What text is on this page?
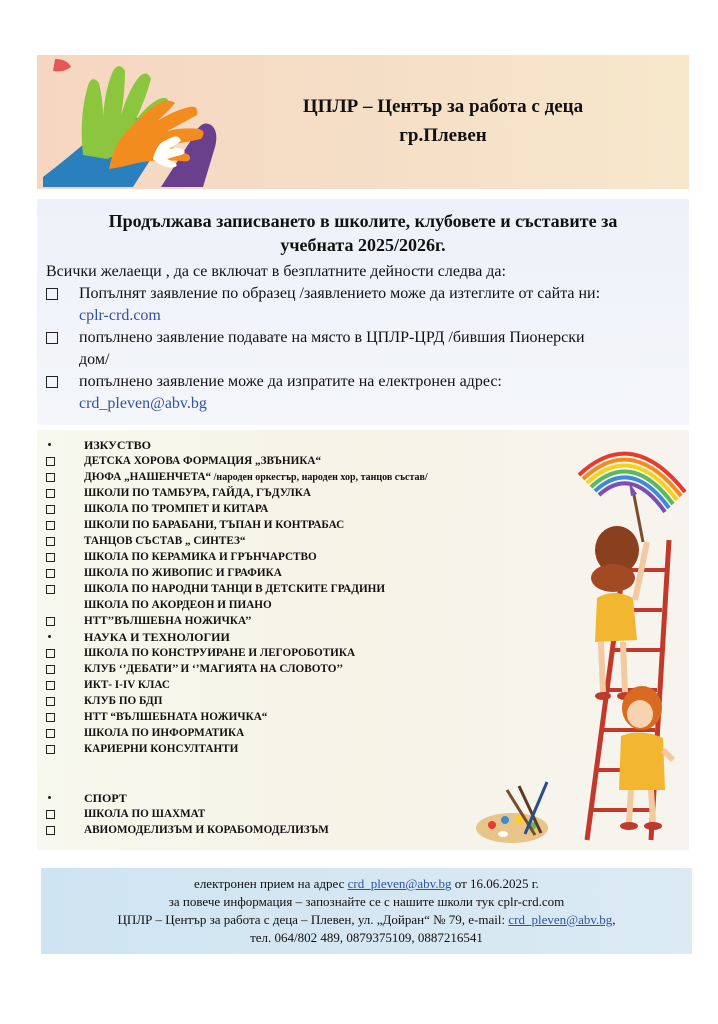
ЦПЛР – Център за работа с деца
гр.Плевен
Продължава записването в школите, клубовете и съставите за
учебната 2025/2026г.
Всички желаещи , да се включат в безплатните дейности следва да:
Попълнят заявление по образец /заявлението може да изтеглите от сайта ни:
cplr-crd.com
попълнено заявление подавате на място в ЦПЛР-ЦРД /бившия Пионерски
дом/
попълнено заявление може да изпратите на електронен адрес:
crd_pleven@abv.bg
ИЗКУСТВО
ДЕТСКА ХОРОВА ФОРМАЦИЯ „ЗВЪНИКА“
ДЮФА „НАШЕНЧЕТА“ /народен оркестър, народен хор, танцов състав/
ШКОЛИ ПО ТАМБУРА, ГАЙДА, ГЪДУЛКА
ШКОЛА ПО ТРОМПЕТ И КИТАРА
ШКОЛИ ПО БАРАБАНИ, ТЪПАН И КОНТРАБАС
ТАНЦОВ СЪСТАВ „ СИНТЕЗ“
ШКОЛА ПО КЕРАМИКА И ГРЪНЧАРСТВО
ШКОЛА ПО ЖИВОПИС И ГРАФИКА
ШКОЛА ПО НАРОДНИ ТАНЦИ В ДЕТСКИТЕ ГРАДИНИ
ШКОЛА ПО АКОРДЕОН И ПИАНО
НТТ’’ВЪЛШЕБНА НОЖИЧКА’’
НАУКА И ТЕХНОЛОГИИ
ШКОЛА ПО КОНСТРУИРАНЕ И ЛЕГОРОБОТИКА
КЛУБ ‘’ДЕБАТИ’’ И ‘’МАГИЯТА НА СЛОВОТО’’
ИКТ- I-IV КЛАС
КЛУБ ПО БДП
НТТ “ВЪЛШЕБНАТА НОЖИЧКА“
ШКОЛА ПО ИНФОРМАТИКА
КАРИЕРНИ КОНСУЛТАНТИ
СПОРТ
ШКОЛА ПО ШАХМАТ
АВИОМОДЕЛИЗЪМ И КОРАБОМОДЕЛИЗЪМ
електронен прием на адрес crd_pleven@abv.bg от 16.06.2025 г.
за повече информация – запознайте се с нашите школи тук cplr-crd.com
ЦПЛР – Център за работа с деца – Плевен, ул. „Дойран“ № 79, e-mail: crd_pleven@abv.bg,
тел. 064/802 489, 0879375109, 0887216541
